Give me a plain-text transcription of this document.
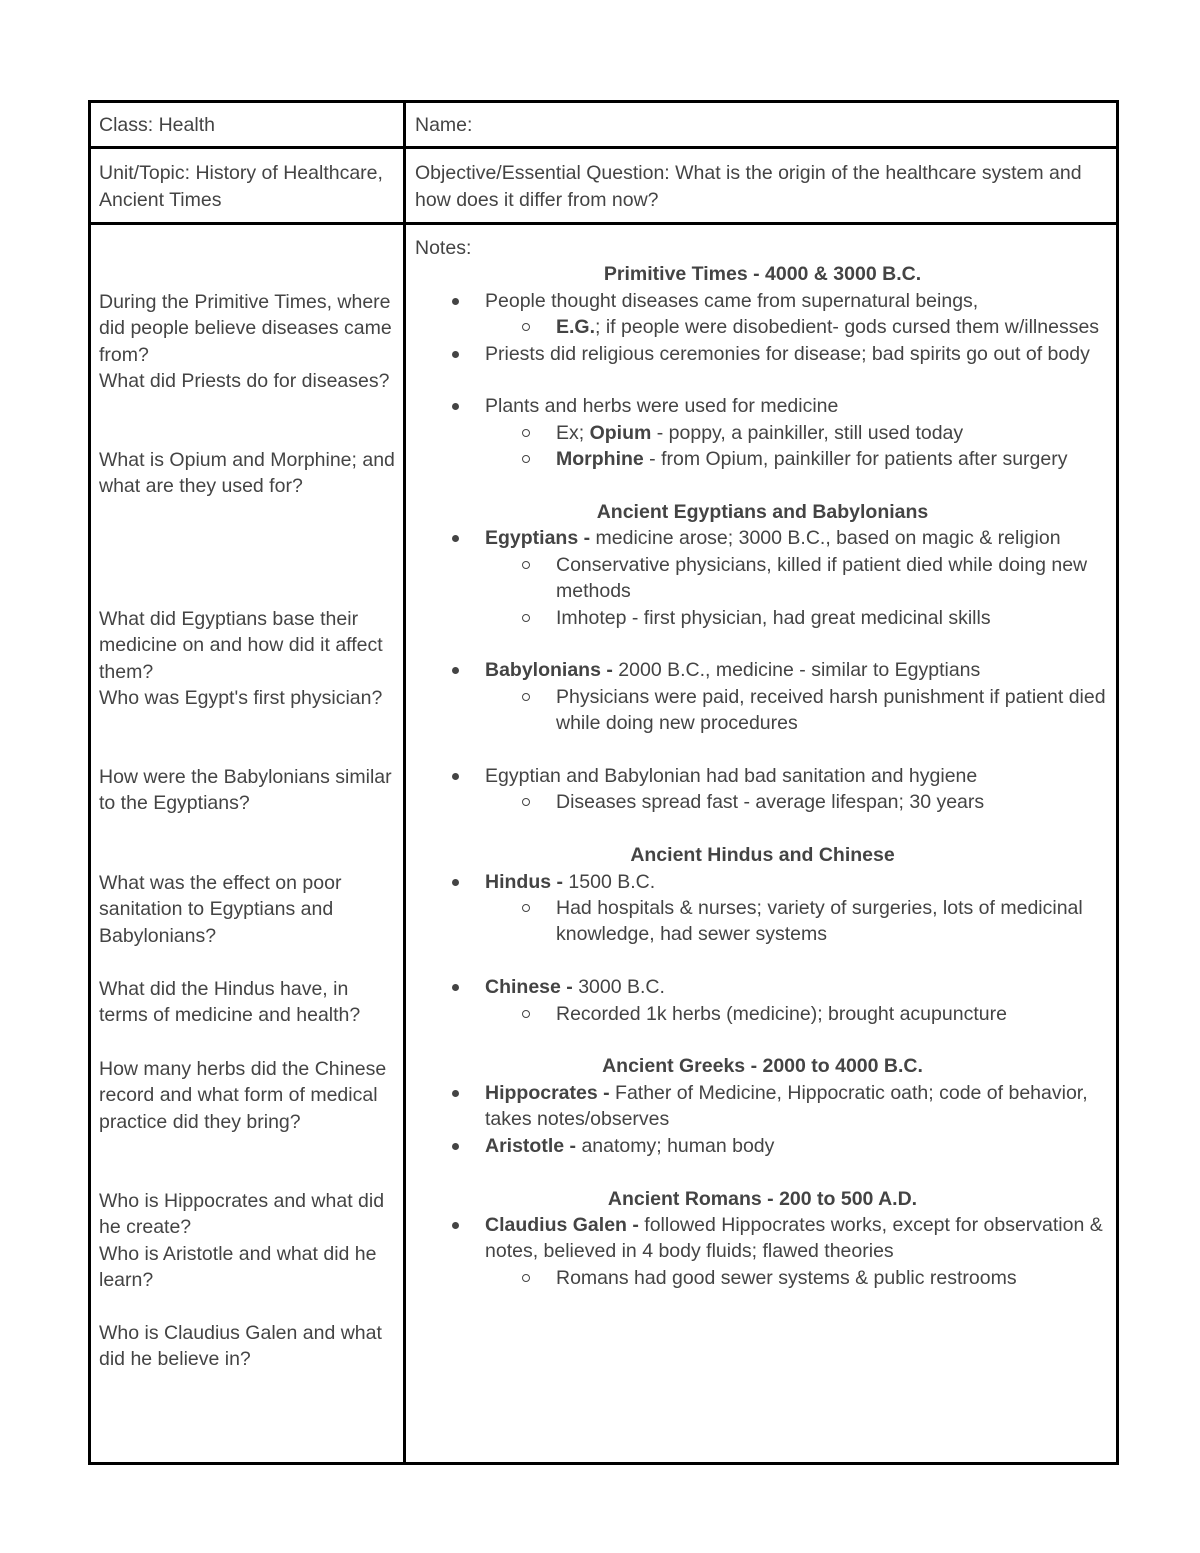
Class: Health	Name:
Unit/Topic: History of Healthcare, Ancient Times
Objective/Essential Question: What is the origin of the healthcare system and how does it differ from now?
During the Primitive Times, where did people believe diseases came from?
What did Priests do for diseases?
What is Opium and Morphine; and what are they used for?
What did Egyptians base their medicine on and how did it affect them?
Who was Egypt's first physician?
How were the Babylonians similar to the Egyptians?
What was the effect on poor sanitation to Egyptians and Babylonians?
What did the Hindus have, in terms of medicine and health?
How many herbs did the Chinese record and what form of medical practice did they bring?
Who is Hippocrates and what did he create?
Who is Aristotle and what did he learn?
Who is Claudius Galen and what did he believe in?

Notes:

Primitive Times - 4000 & 3000 B.C.

People thought diseases came from supernatural beings,

E.G.; if people were disobedient- gods cursed them w/illnesses

Priests did religious ceremonies for disease; bad spirits go out of body

Plants and herbs were used for medicine

Ex; Opium - poppy, a painkiller, still used today

Morphine - from Opium, painkiller for patients after surgery

Ancient Egyptians and Babylonians

Egyptians - medicine arose; 3000 B.C., based on magic & religion

Conservative physicians, killed if patient died while doing new methods

Imhotep - first physician, had great medicinal skills

Babylonians - 2000 B.C., medicine - similar to Egyptians

Physicians were paid, received harsh punishment if patient died while doing new procedures

Egyptian and Babylonian had bad sanitation and hygiene

Diseases spread fast - average lifespan; 30 years

Ancient Hindus and Chinese

Hindus - 1500 B.C.

Had hospitals & nurses; variety of surgeries, lots of medicinal knowledge, had sewer systems

Chinese - 3000 B.C.

Recorded 1k herbs (medicine); brought acupuncture

Ancient Greeks - 2000 to 4000 B.C.

Hippocrates - Father of Medicine, Hippocratic oath; code of behavior, takes notes/observes

Aristotle - anatomy; human body

Ancient Romans - 200 to 500 A.D.

Claudius Galen - followed Hippocrates works, except for observation & notes, believed in 4 body fluids; flawed theories

Romans had good sewer systems & public restrooms
